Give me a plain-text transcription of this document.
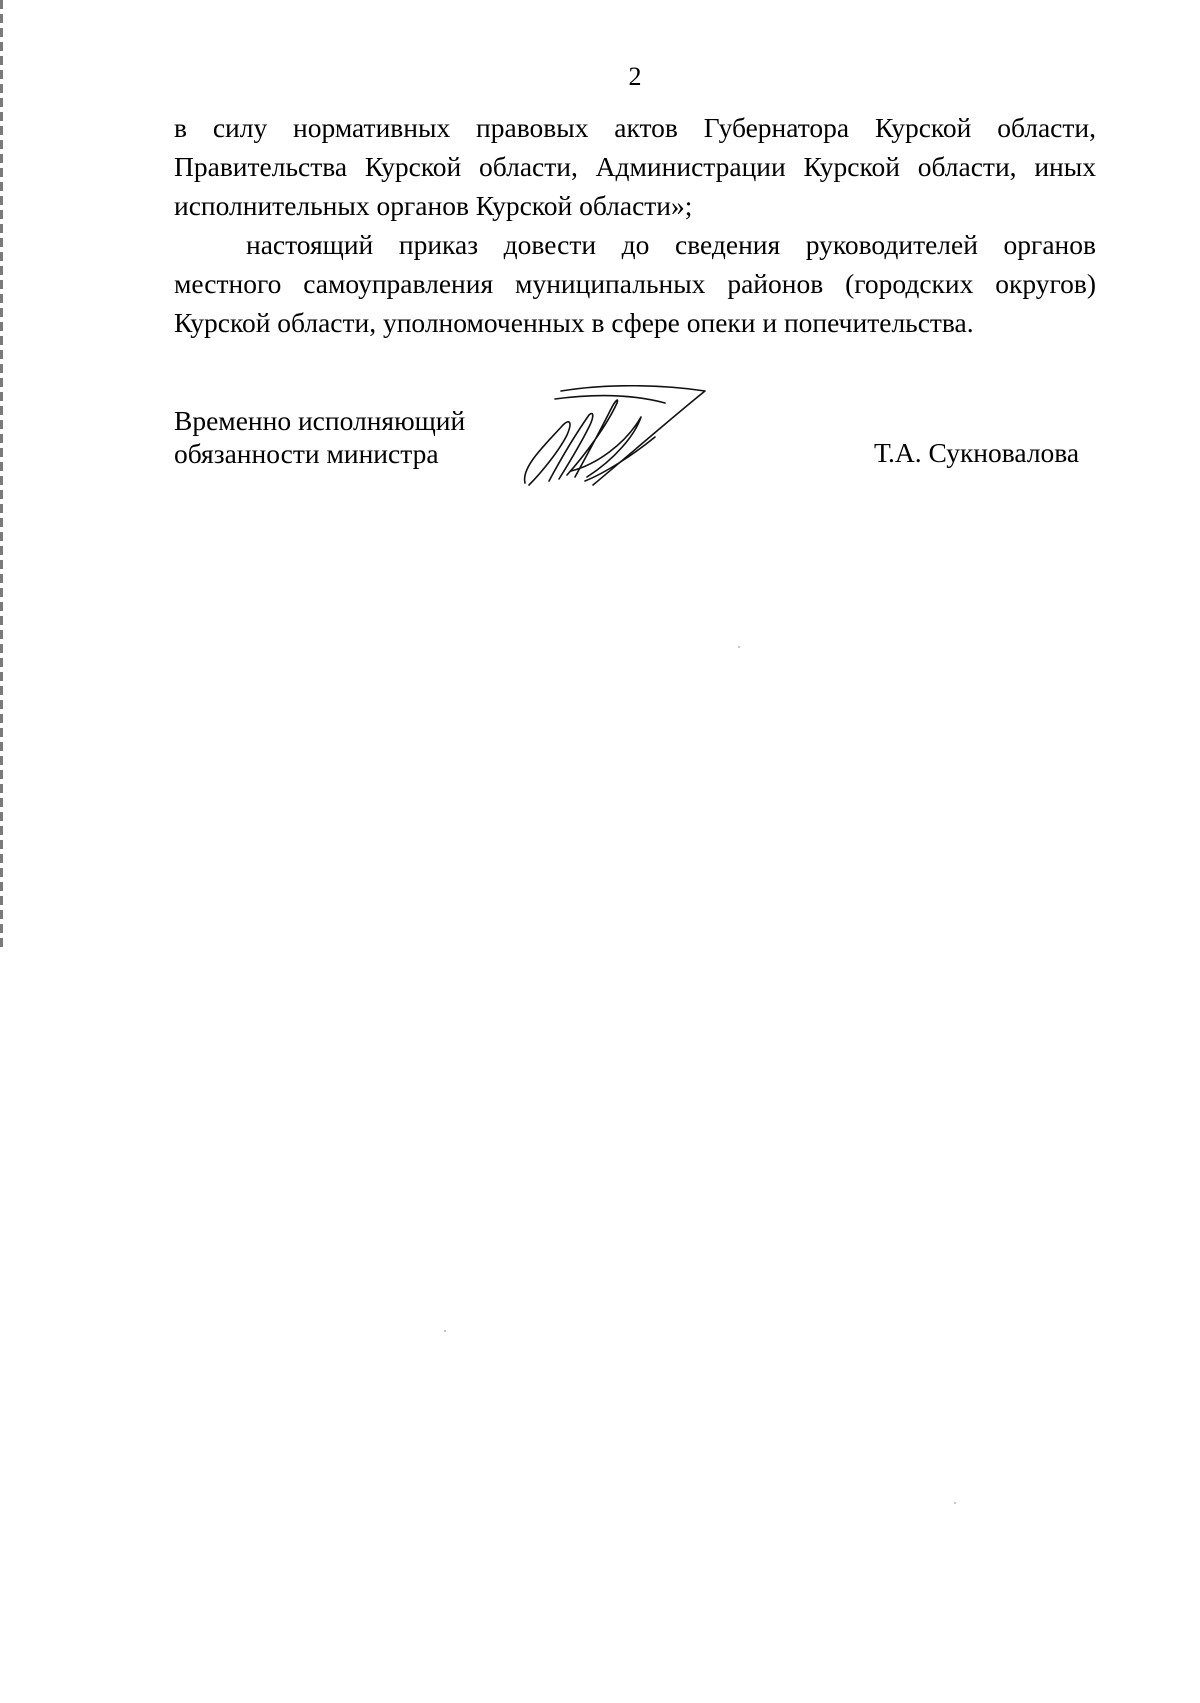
2

в силу нормативных правовых актов Губернатора Курской области, Правительства Курской области, Администрации Курской области, иных исполнительных органов Курской области»;

настоящий приказ довести до сведения руководителей органов местного самоуправления муниципальных районов (городских округов) Курской области, уполномоченных в сфере опеки и попечительства.

Временно исполняющий
обязанности министра	Т.А. Сукновалова
